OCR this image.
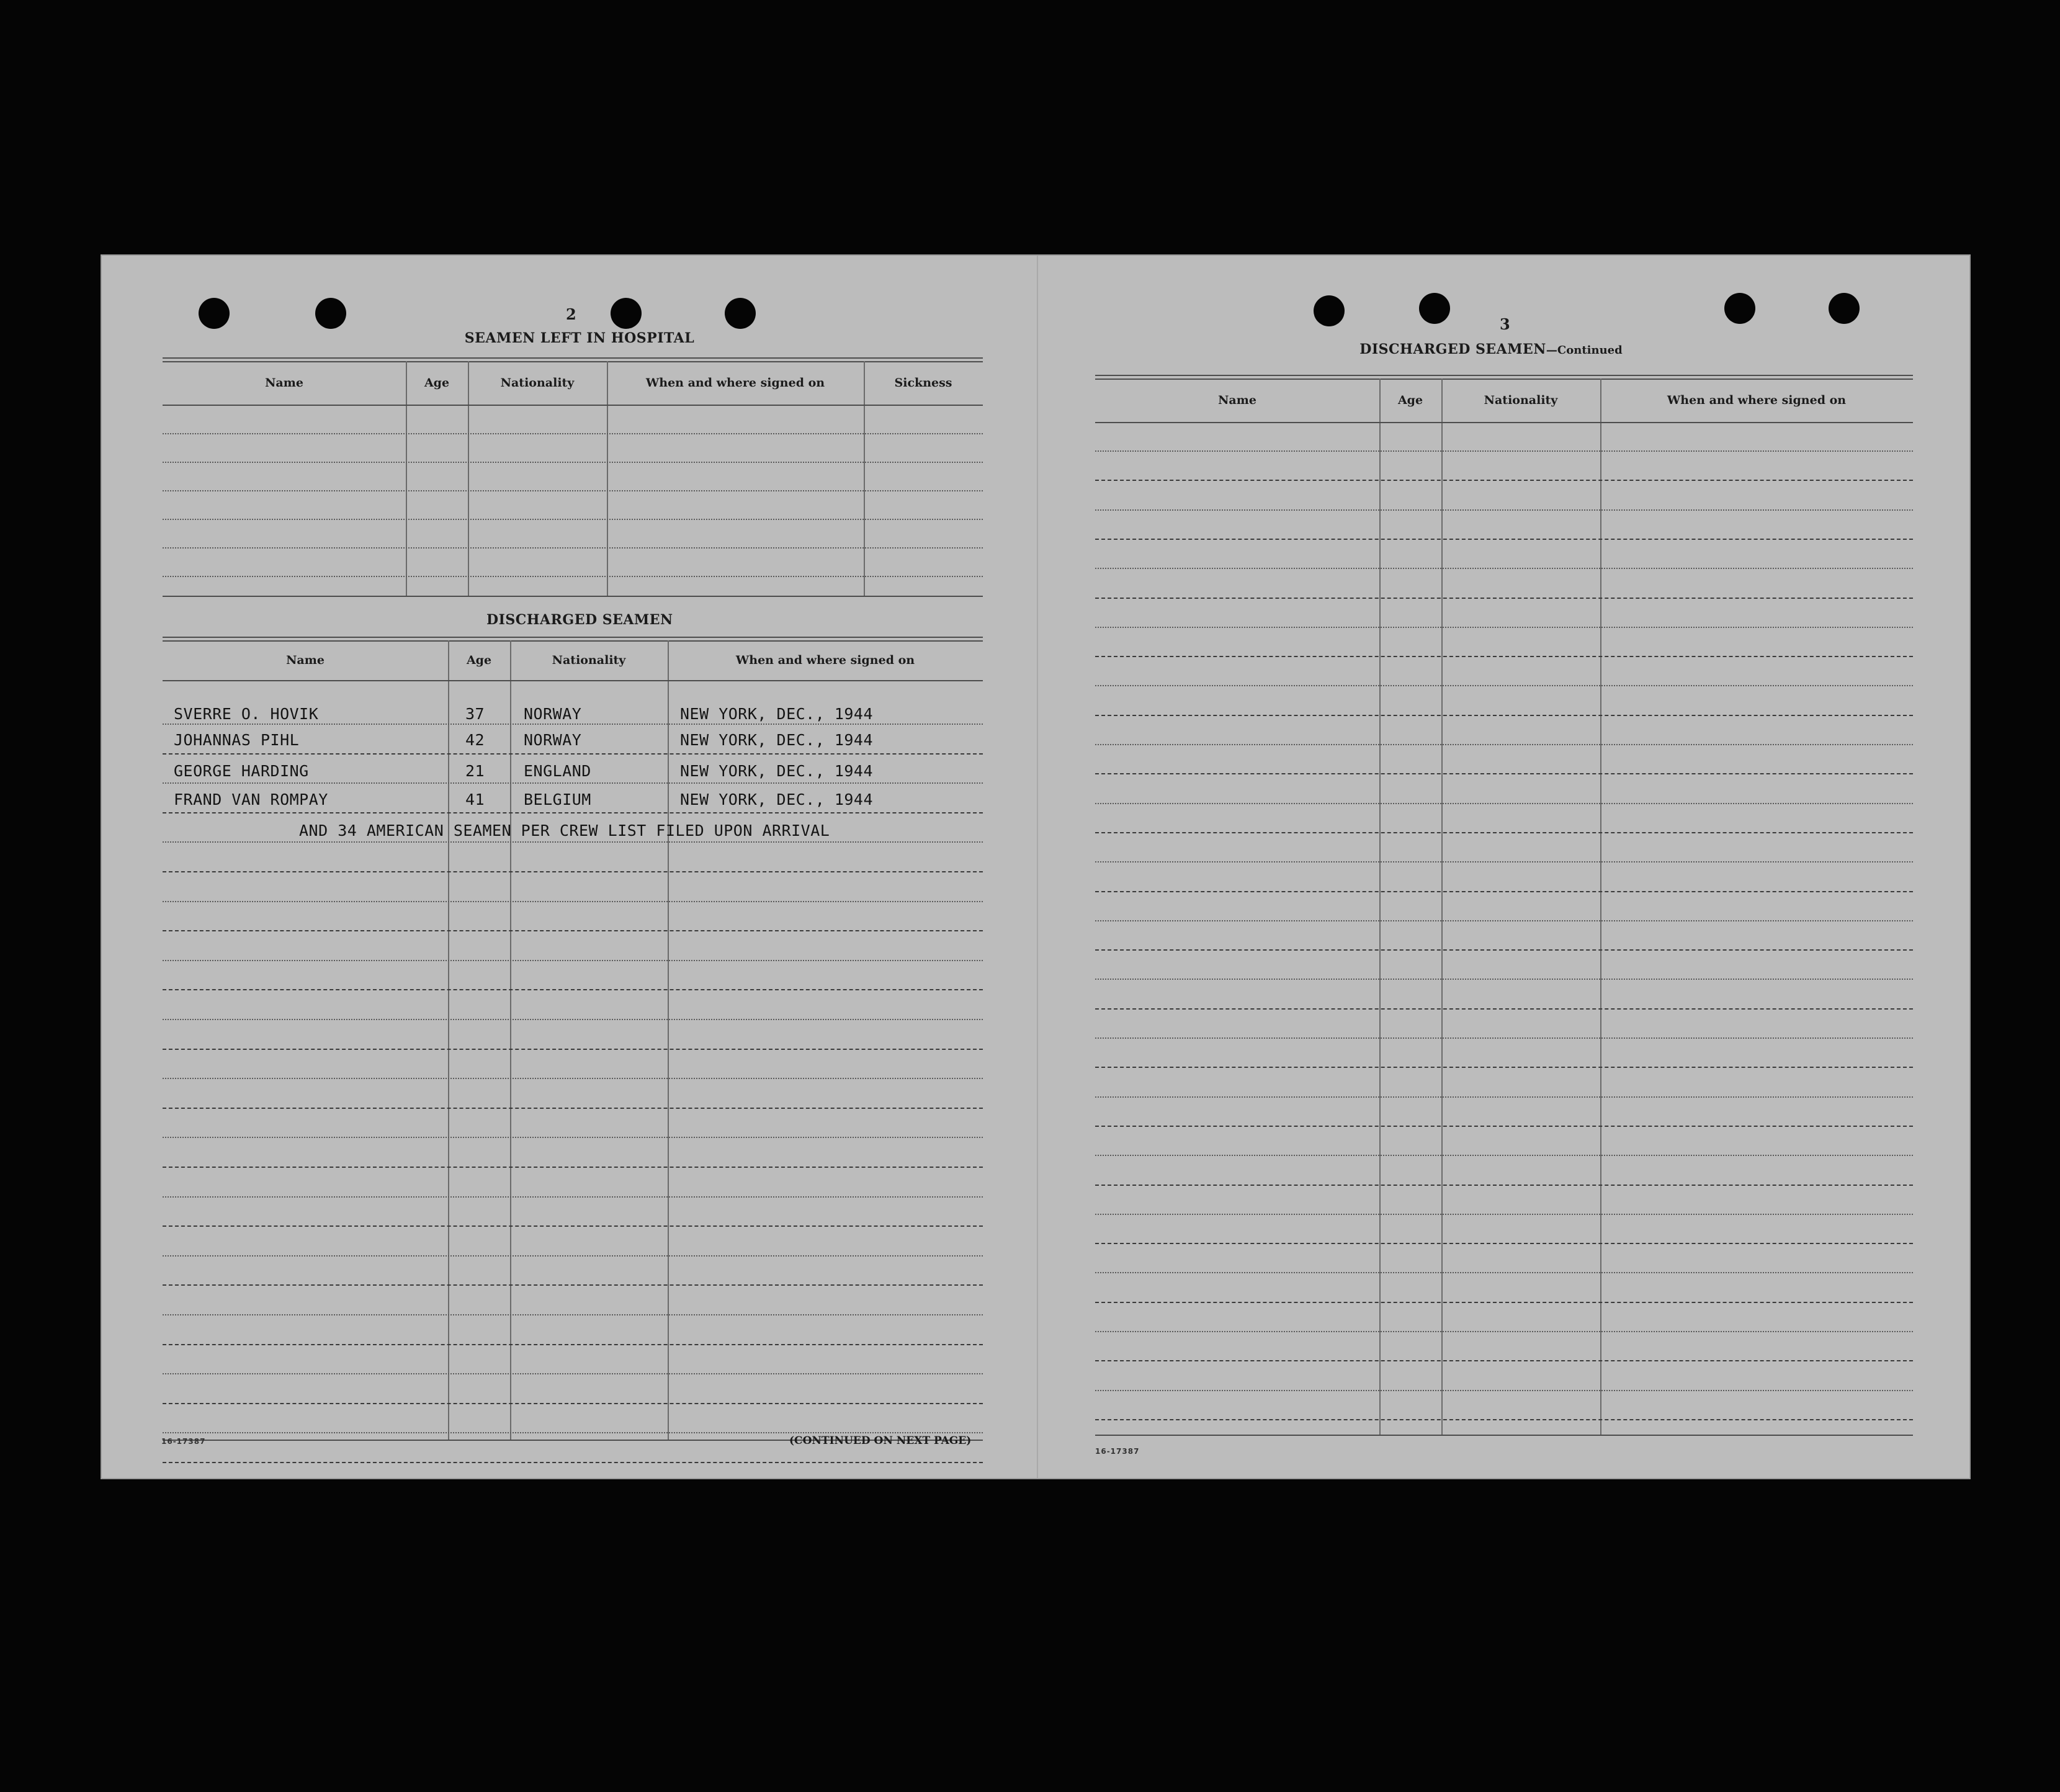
2
SEAMEN LEFT IN HOSPITAL
Name	Age	Nationality	When and where signed on	Sickness
DISCHARGED SEAMEN
Name	Age	Nationality	When and where signed on
SVERRE O. HOVIK	37	NORWAY	NEW YORK, DEC., 1944
JOHANNAS PIHL	42	NORWAY	NEW YORK, DEC., 1944
GEORGE HARDING	21	ENGLAND	NEW YORK, DEC., 1944
FRAND VAN ROMPAY	41	BELGIUM	NEW YORK, DEC., 1944
AND 34 AMERICAN SEAMEN PER CREW LIST FILED UPON ARRIVAL
16-17387	(CONTINUED ON NEXT PAGE)
3
DISCHARGED SEAMEN—Continued
Name	Age	Nationality	When and where signed on
16-17387
